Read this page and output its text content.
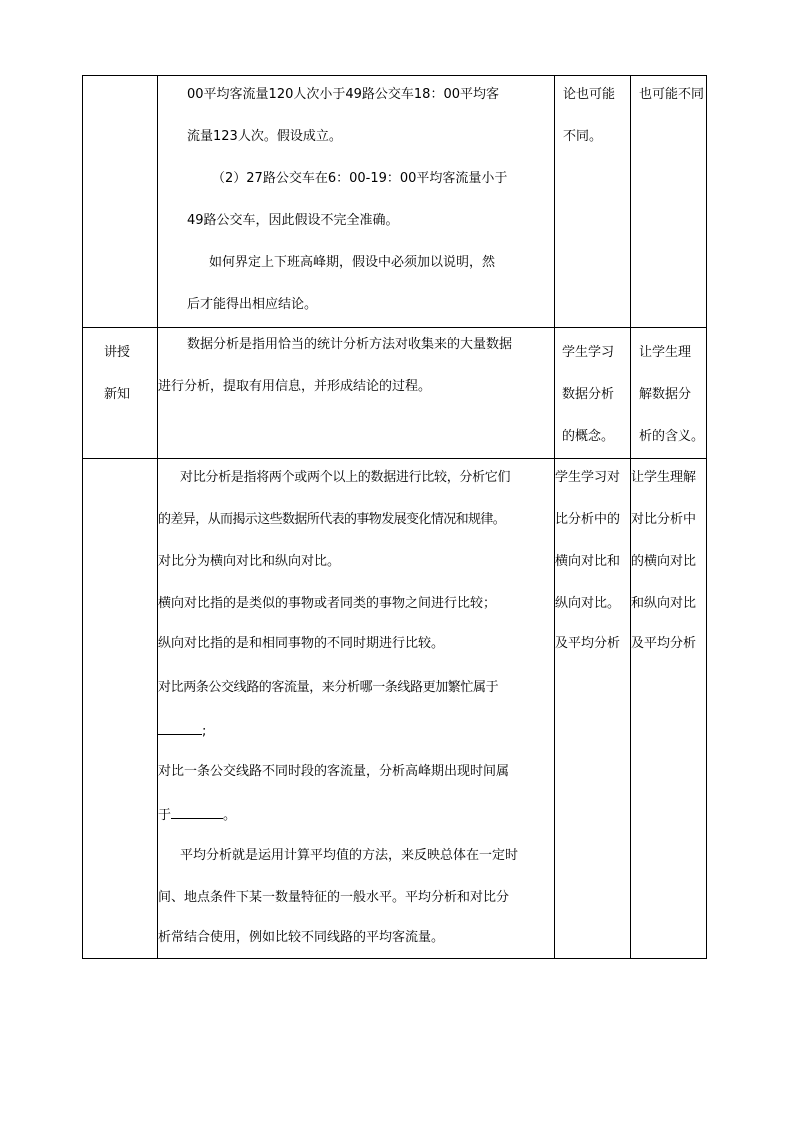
00平均客流量120人次小于49路公交车18：00平均客
流量123人次。假设成立。
（2）27路公交车在6：00-19：00平均客流量小于
49路公交车，因此假设不完全准确。
如何界定上下班高峰期，假设中必须加以说明，然
后才能得出相应结论。
论也可能
不同。
也可能不同
讲授
新知
数据分析是指用恰当的统计分析方法对收集来的大量数据
进行分析，提取有用信息，并形成结论的过程。
学生学习
数据分析
的概念。
让学生理
解数据分
析的含义。
对比分析是指将两个或两个以上的数据进行比较，分析它们
的差异，从而揭示这些数据所代表的事物发展变化情况和规律。
对比分为横向对比和纵向对比。
横向对比指的是类似的事物或者同类的事物之间进行比较；
纵向对比指的是和相同事物的不同时期进行比较。
对比两条公交线路的客流量，来分析哪一条线路更加繁忙属于
;
对比一条公交线路不同时段的客流量，分析高峰期出现时间属
于	。
平均分析就是运用计算平均值的方法，来反映总体在一定时
间、地点条件下某一数量特征的一般水平。平均分析和对比分
析常结合使用，例如比较不同线路的平均客流量。
学生学习对
比分析中的
横向对比和
纵向对比。
及平均分析
让学生理解
对比分析中
的横向对比
和纵向对比
及平均分析
